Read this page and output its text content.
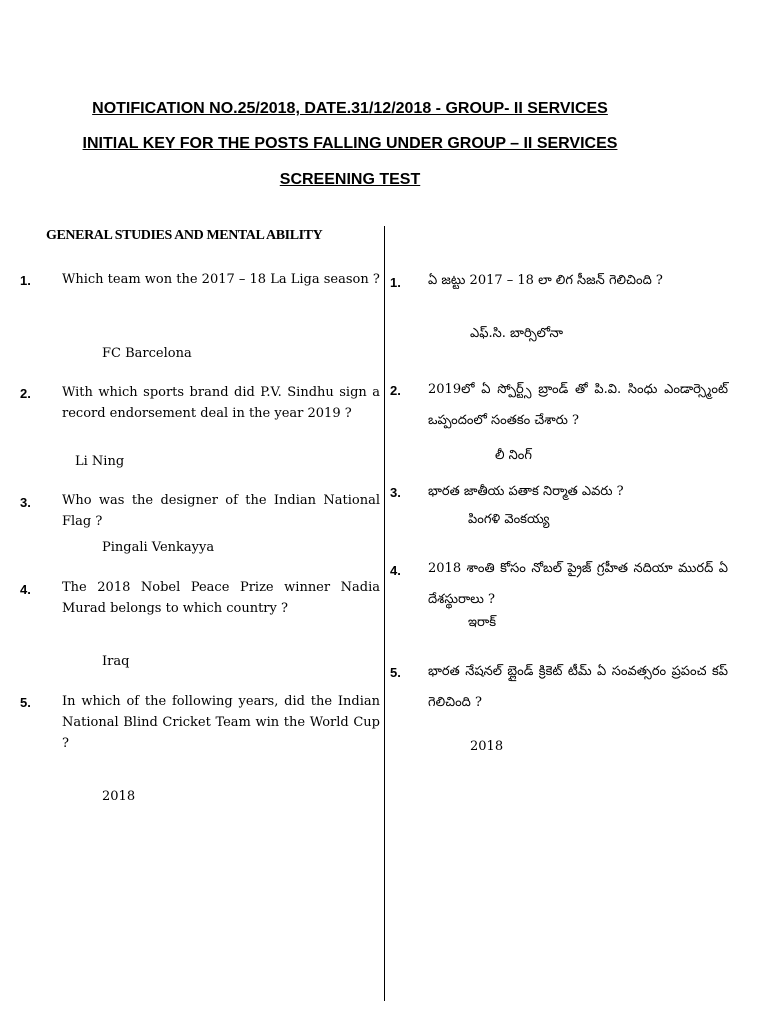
NOTIFICATION NO.25/2018, DATE.31/12/2018 - GROUP- II SERVICES
INITIAL KEY FOR THE POSTS FALLING UNDER GROUP – II SERVICES
SCREENING TEST
GENERAL STUDIES AND MENTAL ABILITY
1. Which team won the 2017 – 18 La Liga season ?
FC Barcelona
2. With which sports brand did P.V. Sindhu sign a record endorsement deal in the year 2019 ?
Li Ning
3. Who was the designer of the Indian National Flag ?
Pingali Venkayya
4. The 2018 Nobel Peace Prize winner Nadia Murad belongs to which country ?
Iraq
5. In which of the following years, did the Indian National Blind Cricket Team win the World Cup ?
2018
1. ఏ జట్టు 2017 – 18 లా లిగ సీజన్ గెలిచింది ?
ఎఫ్.సి. బార్సిలోనా
2. 2019లో ఏ స్పోర్ట్స్ బ్రాండ్ తో పి.వి. సింధు ఎండార్స్మెంట్ ఒప్పందంలో సంతకం చేశారు ?
లీ నింగ్
3. భారత జాతీయ పతాక నిర్మాత ఎవరు ?
పింగళి వెంకయ్య
4. 2018 శాంతి కోసం నోబల్ ప్రైజ్ గ్రహీత నదియా మురద్ ఏ దేశస్థురాలు ?
ఇరాక్
5. భారత నేషనల్ బ్లైండ్ క్రికెట్ టీమ్ ఏ సంవత్సరం ప్రపంచ కప్ గెలిచింది ?
2018
